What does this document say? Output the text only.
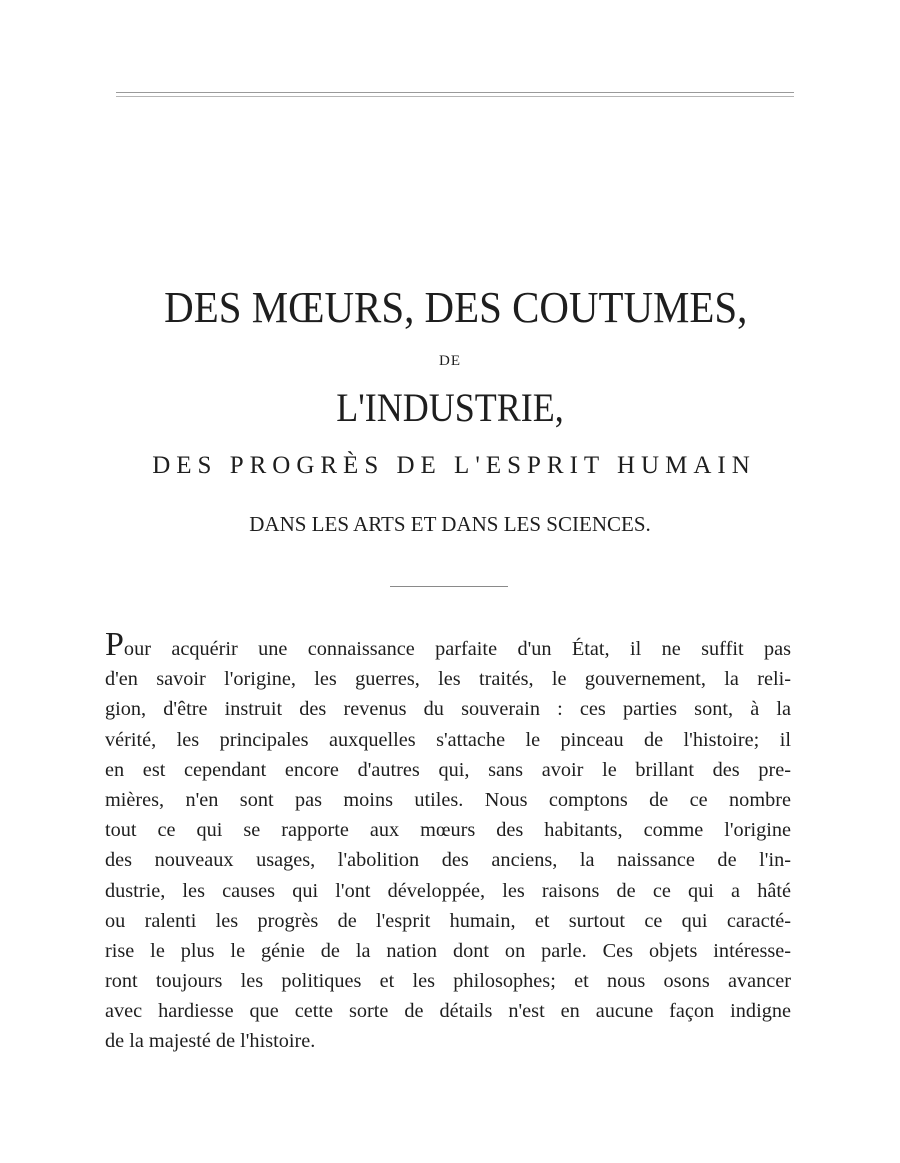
DES MŒURS, DES COUTUMES,
DE
L'INDUSTRIE,
DES PROGRÈS DE L'ESPRIT HUMAIN
DANS LES ARTS ET DANS LES SCIENCES.
Pour acquérir une connaissance parfaite d'un État, il ne suffit pas
d'en savoir l'origine, les guerres, les traités, le gouvernement, la reli-
gion, d'être instruit des revenus du souverain : ces parties sont, à la
vérité, les principales auxquelles s'attache le pinceau de l'histoire; il
en est cependant encore d'autres qui, sans avoir le brillant des pre-
mières, n'en sont pas moins utiles. Nous comptons de ce nombre
tout ce qui se rapporte aux mœurs des habitants, comme l'origine
des nouveaux usages, l'abolition des anciens, la naissance de l'in-
dustrie, les causes qui l'ont développée, les raisons de ce qui a hâté
ou ralenti les progrès de l'esprit humain, et surtout ce qui caracté-
rise le plus le génie de la nation dont on parle. Ces objets intéresse-
ront toujours les politiques et les philosophes; et nous osons avancer
avec hardiesse que cette sorte de détails n'est en aucune façon indigne
de la majesté de l'histoire.
